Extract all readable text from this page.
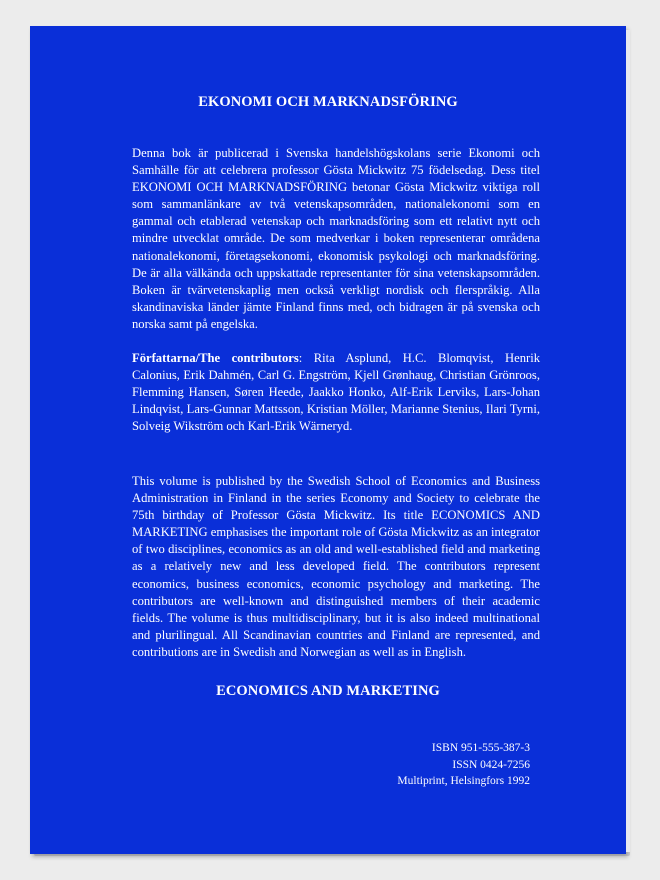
EKONOMI OCH MARKNADSFÖRING

Denna bok är publicerad i Svenska handelshögskolans serie Ekonomi och Samhälle för att celebrera professor Gösta Mickwitz 75 födelsedag. Dess titel EKONOMI OCH MARKNADSFÖRING betonar Gösta Mickwitz viktiga roll som sammanlänkare av två vetenskapsområden, nationalekonomi som en gammal och etablerad vetenskap och marknadsföring som ett relativt nytt och mindre utvecklat område. De som medverkar i boken representerar områdena nationalekonomi, företagsekonomi, ekonomisk psykologi och marknadsföring. De är alla välkända och uppskattade representanter för sina vetenskapsområden. Boken är tvärvetenskaplig men också verkligt nordisk och flerspråkig. Alla skandinaviska länder jämte Finland finns med, och bidragen är på svenska och norska samt på engelska.

Författarna/The contributors: Rita Asplund, H.C. Blomqvist, Henrik Calonius, Erik Dahmén, Carl G. Engström, Kjell Grønhaug, Christian Grönroos, Flemming Hansen, Søren Heede, Jaakko Honko, Alf-Erik Lerviks, Lars-Johan Lindqvist, Lars-Gunnar Mattsson, Kristian Möller, Marianne Stenius, Ilari Tyrni, Solveig Wikström och Karl-Erik Wärneryd.

This volume is published by the Swedish School of Economics and Business Administration in Finland in the series Economy and Society to celebrate the 75th birthday of Professor Gösta Mickwitz. Its title ECONOMICS AND MARKETING emphasises the important role of Gösta Mickwitz as an integrator of two disciplines, economics as an old and well-established field and marketing as a relatively new and less developed field. The contributors represent economics, business economics, economic psychology and marketing. The contributors are well-known and distinguished members of their academic fields. The volume is thus multidisciplinary, but it is also indeed multinational and plurilingual. All Scandinavian countries and Finland are represented, and contributions are in Swedish and Norwegian as well as in English.

ECONOMICS AND MARKETING
ISBN 951-555-387-3
ISSN 0424-7256
Multiprint, Helsingfors 1992
